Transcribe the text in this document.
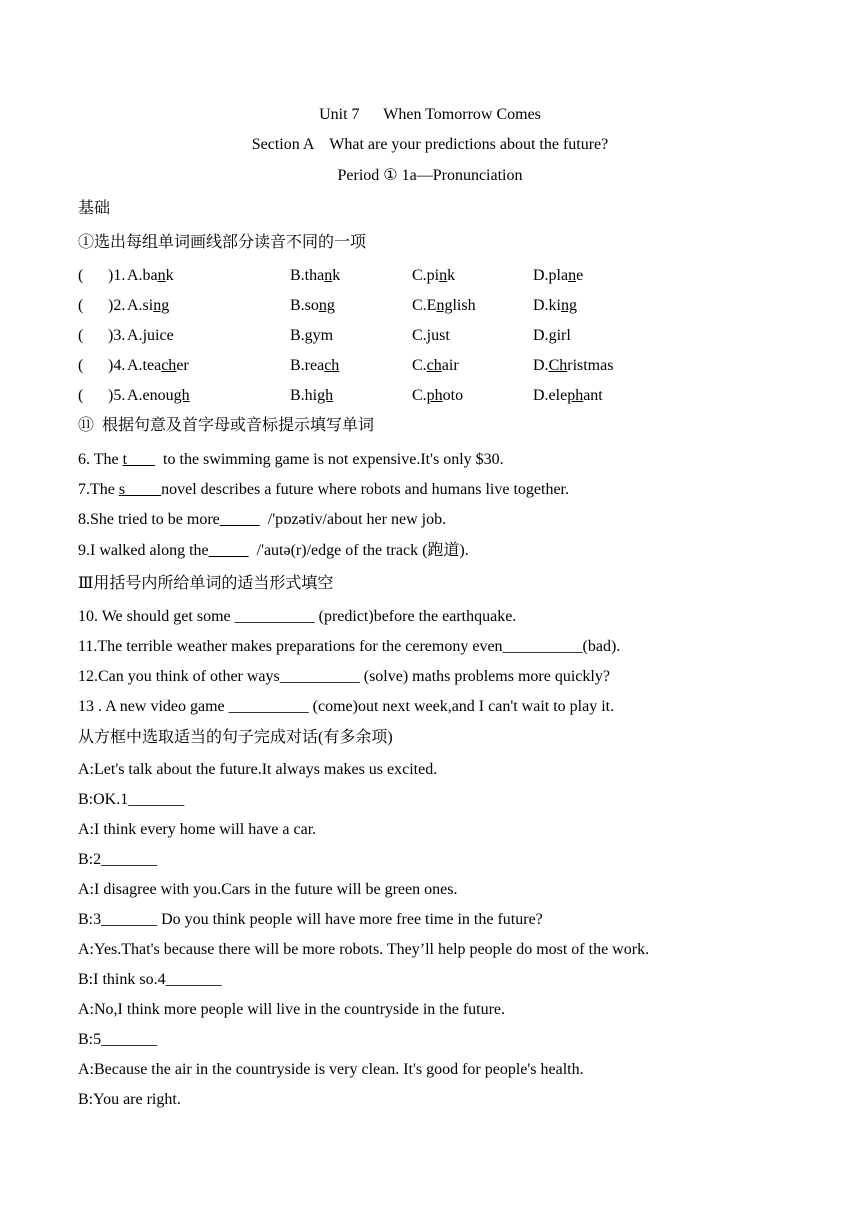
Unit 7      When Tomorrow Comes
Section A    What are your predictions about the future?
Period ① 1a—Pronunciation
基础
①选出每组单词画线部分读音不同的一项
( )1. A.bank	B.thank	C.pink	D.plane
( )2. A.sing	B.song	C.English	D.king
( )3. A.juice	B.gym	C.just	D.girl
( )4. A.teacher	B.reach	C.chair	D.Christmas
( )5. A.enough	B.high	C.photo	D.elephant
⑪  根据句意及首字母或音标提示填写单词
6. The t         to the swimming game is not expensive.It's only $30.
7.The s         novel describes a future where robots and humans live together.
8.She tried to be more	/'pɒzətiv/about her new job.
9.I walked along the	/'autə(r)/edge of the track (跑道).
Ⅲ用括号内所给单词的适当形式填空
10. We should get some __________ (predict)before the earthquake.
11.The terrible weather makes preparations for the ceremony even__________(bad).
12.Can you think of other ways__________ (solve) maths problems more quickly?
13 . A new video game __________ (come)out next week,and I can't wait to play it.
从方框中选取适当的句子完成对话(有多余项)
A:Let's talk about the future.It always makes us excited.
B:OK.1_______
A:I think every home will have a car.
B:2_______
A:I disagree with you.Cars in the future will be green ones.
B:3_______ Do you think people will have more free time in the future?
A:Yes.That's because there will be more robots. They’ll help people do most of the work.
B:I think so.4_______
A:No,I think more people will live in the countryside in the future.
B:5_______
A:Because the air in the countryside is very clean. It's good for people's health.
B:You are right.
